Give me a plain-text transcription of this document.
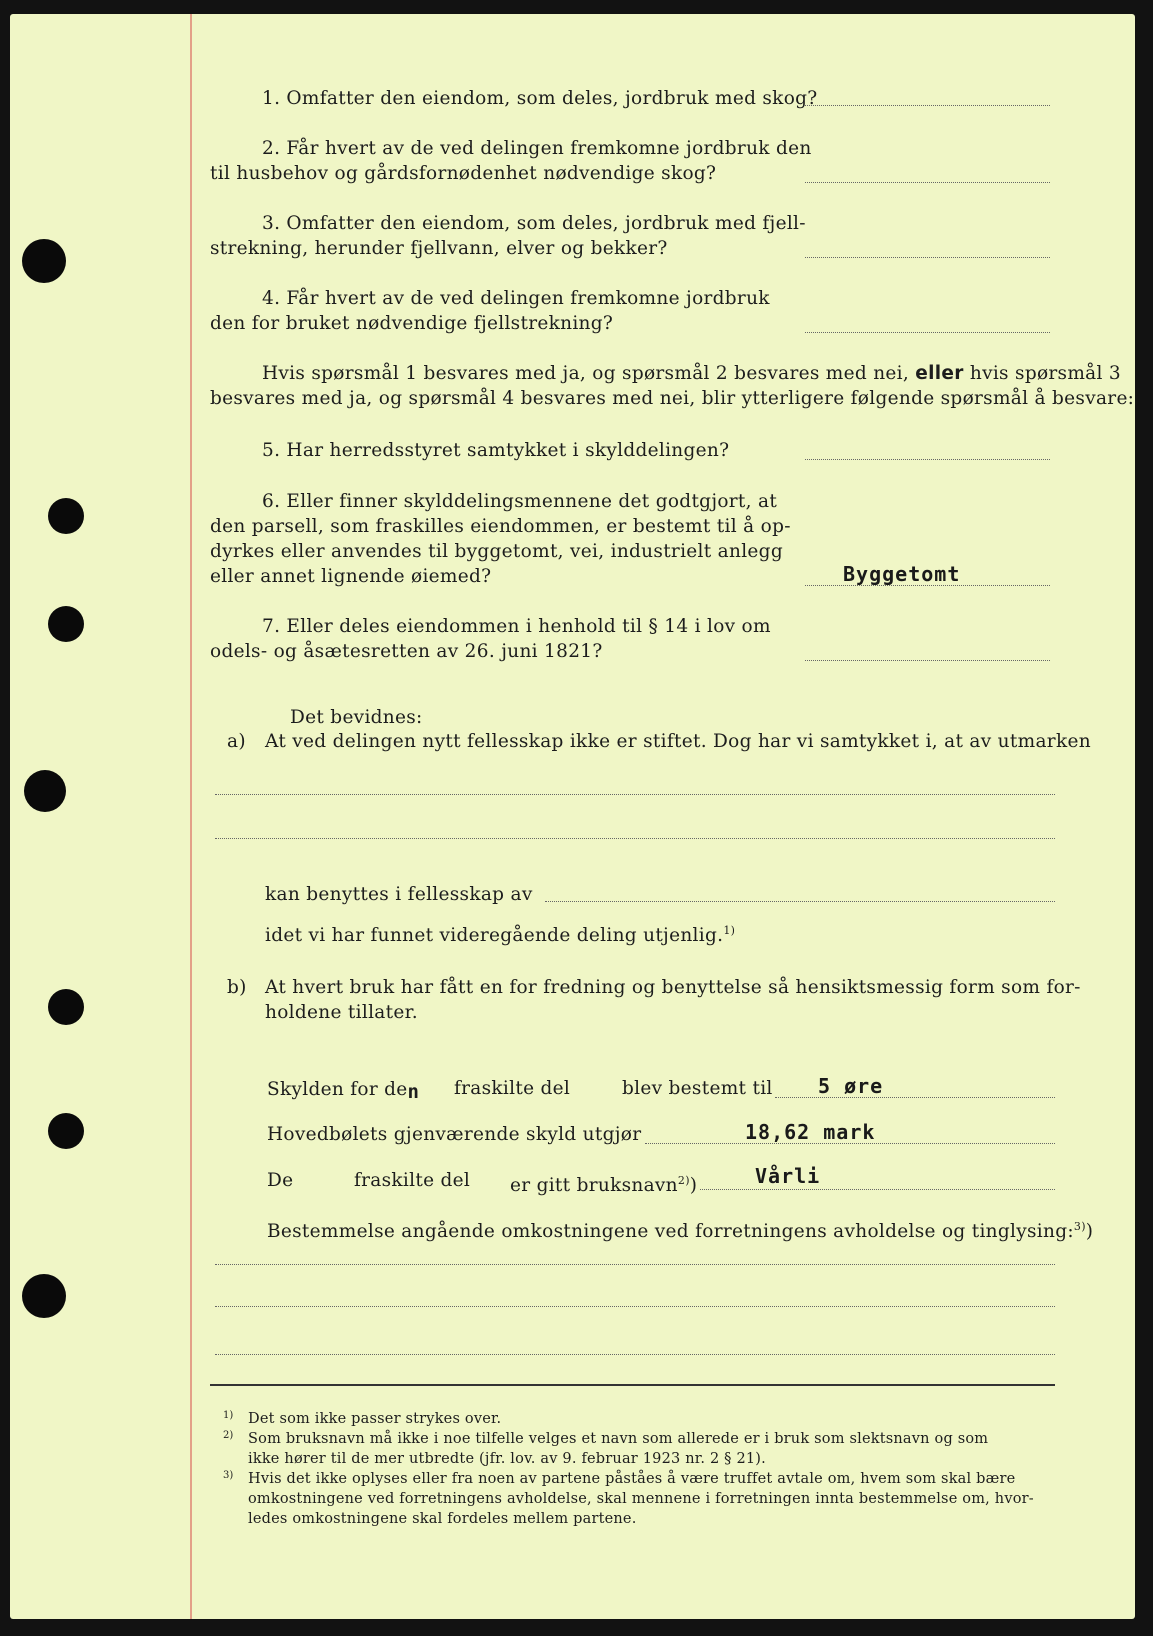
1. Omfatter den eiendom, som deles, jordbruk med skog?
2. Får hvert av de ved delingen fremkomne jordbruk den
til husbehov og gårdsfornødenhet nødvendige skog?
3. Omfatter den eiendom, som deles, jordbruk med fjell-
strekning, herunder fjellvann, elver og bekker?
4. Får hvert av de ved delingen fremkomne jordbruk
den for bruket nødvendige fjellstrekning?
Hvis spørsmål 1 besvares med ja, og spørsmål 2 besvares med nei, eller hvis spørsmål 3
besvares med ja, og spørsmål 4 besvares med nei, blir ytterligere følgende spørsmål å besvare:
5. Har herredsstyret samtykket i skylddelingen?
6. Eller finner skylddelingsmennene det godtgjort, at
den parsell, som fraskilles eiendommen, er bestemt til å op-
dyrkes eller anvendes til byggetomt, vei, industrielt anlegg
eller annet lignende øiemed?	Byggetomt
7. Eller deles eiendommen i henhold til § 14 i lov om
odels- og åsætesretten av 26. juni 1821?
Det bevidnes:
a) At ved delingen nytt fellesskap ikke er stiftet. Dog har vi samtykket i, at av utmarken
kan benyttes i fellesskap av
idet vi har funnet videregående deling utjenlig.$^{1)}$
b) At hvert bruk har fått en for fredning og benyttelse så hensiktsmessig form som for-
holdene tillater.
Skylden for den fraskilte del	blev bestemt til 5 øre
Hovedbølets gjenværende skyld utgjør	18,62 mark
De	fraskilte del er gitt bruksnavn$^{2)}$)	Vårli
Bestemmelse angående omkostningene ved forretningens avholdelse og tinglysing:$^{3)}$)
1) Det som ikke passer strykes over.
2) Som bruksnavn må ikke i noe tilfelle velges et navn som allerede er i bruk som slektsnavn og som
ikke hører til de mer utbredte (jfr. lov. av 9. februar 1923 nr. 2 § 21).
3) Hvis det ikke oplyses eller fra noen av partene påståes å være truffet avtale om, hvem som skal bære
omkostningene ved forretningens avholdelse, skal mennene i forretningen innta bestemmelse om, hvor-
ledes omkostningene skal fordeles mellem partene.
